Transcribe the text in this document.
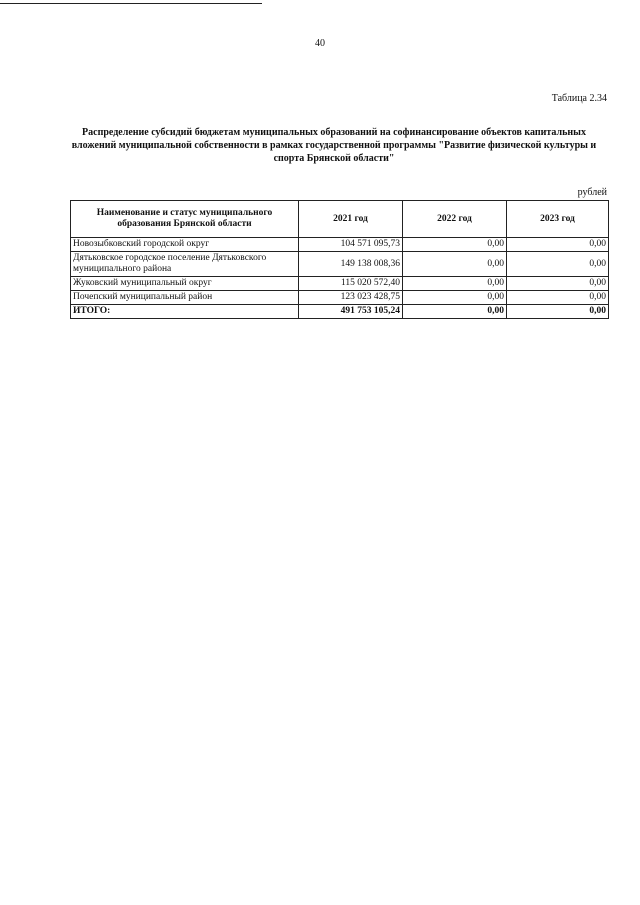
40
Таблица 2.34
Распределение субсидий бюджетам муниципальных образований на софинансирование объектов капитальных
вложений муниципальной собственности в рамках государственной программы "Развитие физической культуры и
спорта Брянской области"
рублей
Наименование и статус муниципального образования Брянской области	2021 год	2022 год	2023 год
Новозыбковский городской округ	104 571 095,73	0,00	0,00
Дятьковское городское поселение Дятьковского муниципального района	149 138 008,36	0,00	0,00
Жуковский муниципальный округ	115 020 572,40	0,00	0,00
Почепский муниципальный район	123 023 428,75	0,00	0,00
ИТОГО:	491 753 105,24	0,00	0,00
